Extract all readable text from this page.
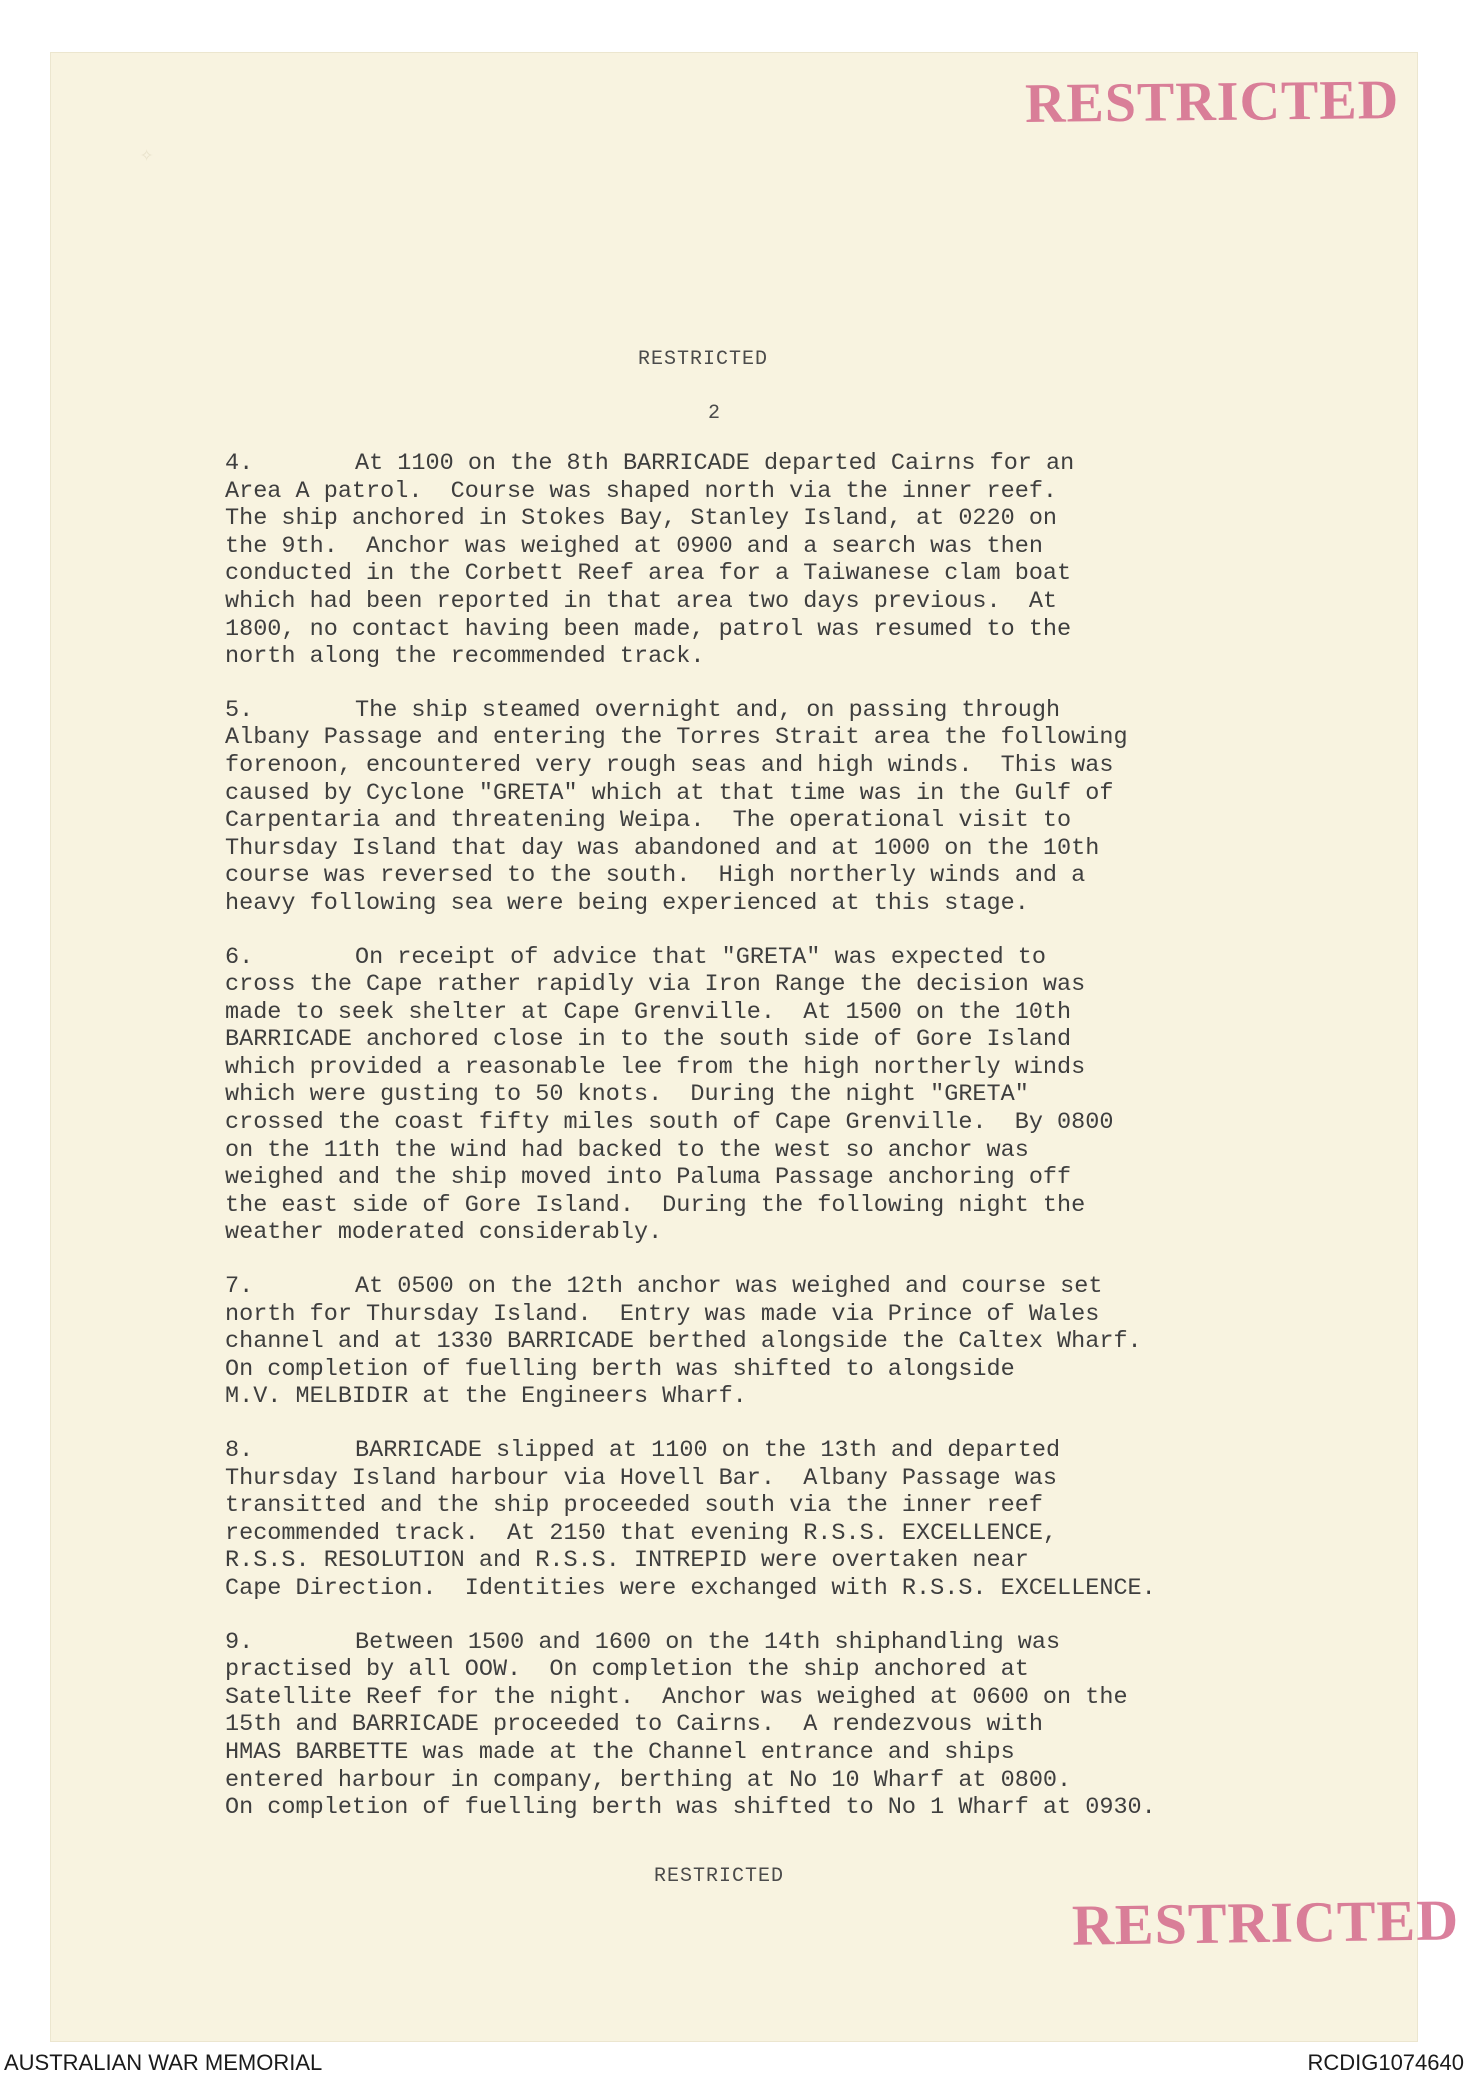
✧
RESTRICTED
RESTRICTED
2
4.	At 1100 on the 8th BARRICADE departed Cairns for an
Area A patrol.  Course was shaped north via the inner reef.
The ship anchored in Stokes Bay, Stanley Island, at 0220 on
the 9th.  Anchor was weighed at 0900 and a search was then
conducted in the Corbett Reef area for a Taiwanese clam boat
which had been reported in that area two days previous.  At
1800, no contact having been made, patrol was resumed to the
north along the recommended track.
5.	The ship steamed overnight and, on passing through
Albany Passage and entering the Torres Strait area the following
forenoon, encountered very rough seas and high winds.  This was
caused by Cyclone "GRETA" which at that time was in the Gulf of
Carpentaria and threatening Weipa.  The operational visit to
Thursday Island that day was abandoned and at 1000 on the 10th
course was reversed to the south.  High northerly winds and a
heavy following sea were being experienced at this stage.
6.	On receipt of advice that "GRETA" was expected to
cross the Cape rather rapidly via Iron Range the decision was
made to seek shelter at Cape Grenville.  At 1500 on the 10th
BARRICADE anchored close in to the south side of Gore Island
which provided a reasonable lee from the high northerly winds
which were gusting to 50 knots.  During the night "GRETA"
crossed the coast fifty miles south of Cape Grenville.  By 0800
on the 11th the wind had backed to the west so anchor was
weighed and the ship moved into Paluma Passage anchoring off
the east side of Gore Island.  During the following night the
weather moderated considerably.
7.	At 0500 on the 12th anchor was weighed and course set
north for Thursday Island.  Entry was made via Prince of Wales
channel and at 1330 BARRICADE berthed alongside the Caltex Wharf.
On completion of fuelling berth was shifted to alongside
M.V. MELBIDIR at the Engineers Wharf.
8.	BARRICADE slipped at 1100 on the 13th and departed
Thursday Island harbour via Hovell Bar.  Albany Passage was
transitted and the ship proceeded south via the inner reef
recommended track.  At 2150 that evening R.S.S. EXCELLENCE,
R.S.S. RESOLUTION and R.S.S. INTREPID were overtaken near
Cape Direction.  Identities were exchanged with R.S.S. EXCELLENCE.
9.	Between 1500 and 1600 on the 14th shiphandling was
practised by all OOW.  On completion the ship anchored at
Satellite Reef for the night.  Anchor was weighed at 0600 on the
15th and BARRICADE proceeded to Cairns.  A rendezvous with
HMAS BARBETTE was made at the Channel entrance and ships
entered harbour in company, berthing at No 10 Wharf at 0800.
On completion of fuelling berth was shifted to No 1 Wharf at 0930.
RESTRICTED
RESTRICTED
AUSTRALIAN WAR MEMORIAL	RCDIG1074640
